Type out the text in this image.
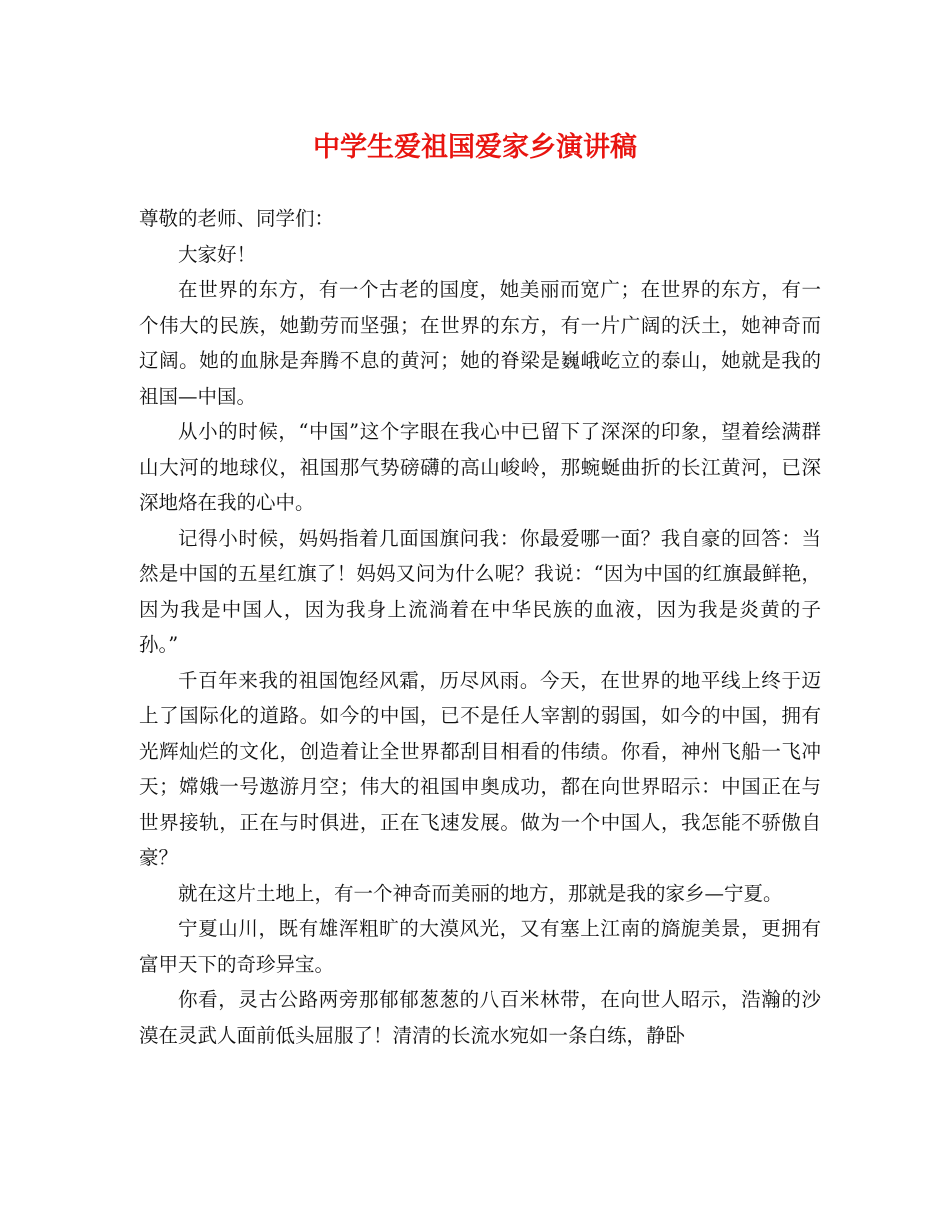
中学生爱祖国爱家乡演讲稿

尊敬的老师、同学们：

大家好！

在世界的东方，有一个古老的国度，她美丽而宽广；在世界的东方，有一个伟大的民族，她勤劳而坚强；在世界的东方，有一片广阔的沃土，她神奇而辽阔。她的血脉是奔腾不息的黄河；她的脊梁是巍峨屹立的泰山，她就是我的祖国—中国。

从小的时候，“中国”这个字眼在我心中已留下了深深的印象，望着绘满群山大河的地球仪，祖国那气势磅礴的高山峻岭，那蜿蜒曲折的长江黄河，已深深地烙在我的心中。

记得小时候，妈妈指着几面国旗问我：你最爱哪一面？我自豪的回答：当然是中国的五星红旗了！妈妈又问为什么呢？我说：“因为中国的红旗最鲜艳，因为我是中国人，因为我身上流淌着在中华民族的血液，因为我是炎黄的子孙。”

千百年来我的祖国饱经风霜，历尽风雨。今天，在世界的地平线上终于迈上了国际化的道路。如今的中国，已不是任人宰割的弱国，如今的中国，拥有光辉灿烂的文化，创造着让全世界都刮目相看的伟绩。你看，神州飞船一飞冲天；嫦娥一号遨游月空；伟大的祖国申奥成功，都在向世界昭示：中国正在与世界接轨，正在与时俱进，正在飞速发展。做为一个中国人，我怎能不骄傲自豪？

就在这片土地上，有一个神奇而美丽的地方，那就是我的家乡—宁夏。

宁夏山川，既有雄浑粗旷的大漠风光，又有塞上江南的旖旎美景，更拥有富甲天下的奇珍异宝。

你看，灵古公路两旁那郁郁葱葱的八百米林带，在向世人昭示，浩瀚的沙漠在灵武人面前低头屈服了！清清的长流水宛如一条白练，静卧
